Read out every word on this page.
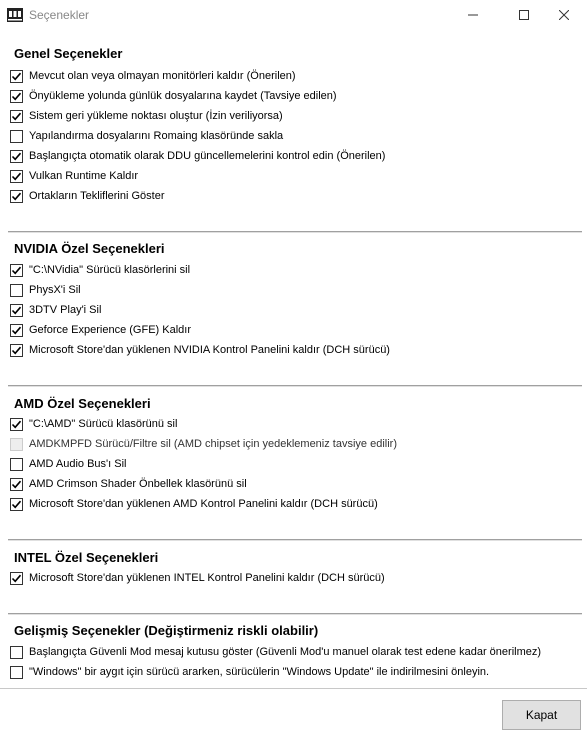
Seçenekler
Genel Seçenekler
Mevcut olan veya olmayan monitörleri kaldır (Önerilen)
Önyükleme yolunda günlük dosyalarına kaydet (Tavsiye edilen)
Sistem geri yükleme noktası oluştur (İzin veriliyorsa)
Yapılandırma dosyalarını Romaing klasöründe sakla
Başlangıçta otomatik olarak DDU güncellemelerini kontrol edin (Önerilen)
Vulkan Runtime Kaldır
Ortakların Tekliflerini Göster
NVIDIA Özel Seçenekleri
"C:\NVidia" Sürücü klasörlerini sil
PhysX'i Sil
3DTV Play'i Sil
Geforce Experience (GFE) Kaldır
Microsoft Store'dan yüklenen NVIDIA Kontrol Panelini kaldır (DCH sürücü)
AMD Özel Seçenekleri
"C:\AMD" Sürücü klasörünü sil
AMDKMPFD Sürücü/Filtre sil (AMD chipset için yedeklemeniz tavsiye edilir)
AMD Audio Bus'ı Sil
AMD Crimson Shader Önbellek klasörünü sil
Microsoft Store'dan yüklenen AMD Kontrol Panelini kaldır (DCH sürücü)
INTEL Özel Seçenekleri
Microsoft Store'dan yüklenen INTEL Kontrol Panelini kaldır (DCH sürücü)
Gelişmiş Seçenekler (Değiştirmeniz riskli olabilir)
Başlangıçta Güvenli Mod mesaj kutusu göster (Güvenli Mod'u manuel olarak test edene kadar önerilmez)
"Windows" bir aygıt için sürücü ararken, sürücülerin "Windows Update" ile indirilmesini önleyin.
Kapat
